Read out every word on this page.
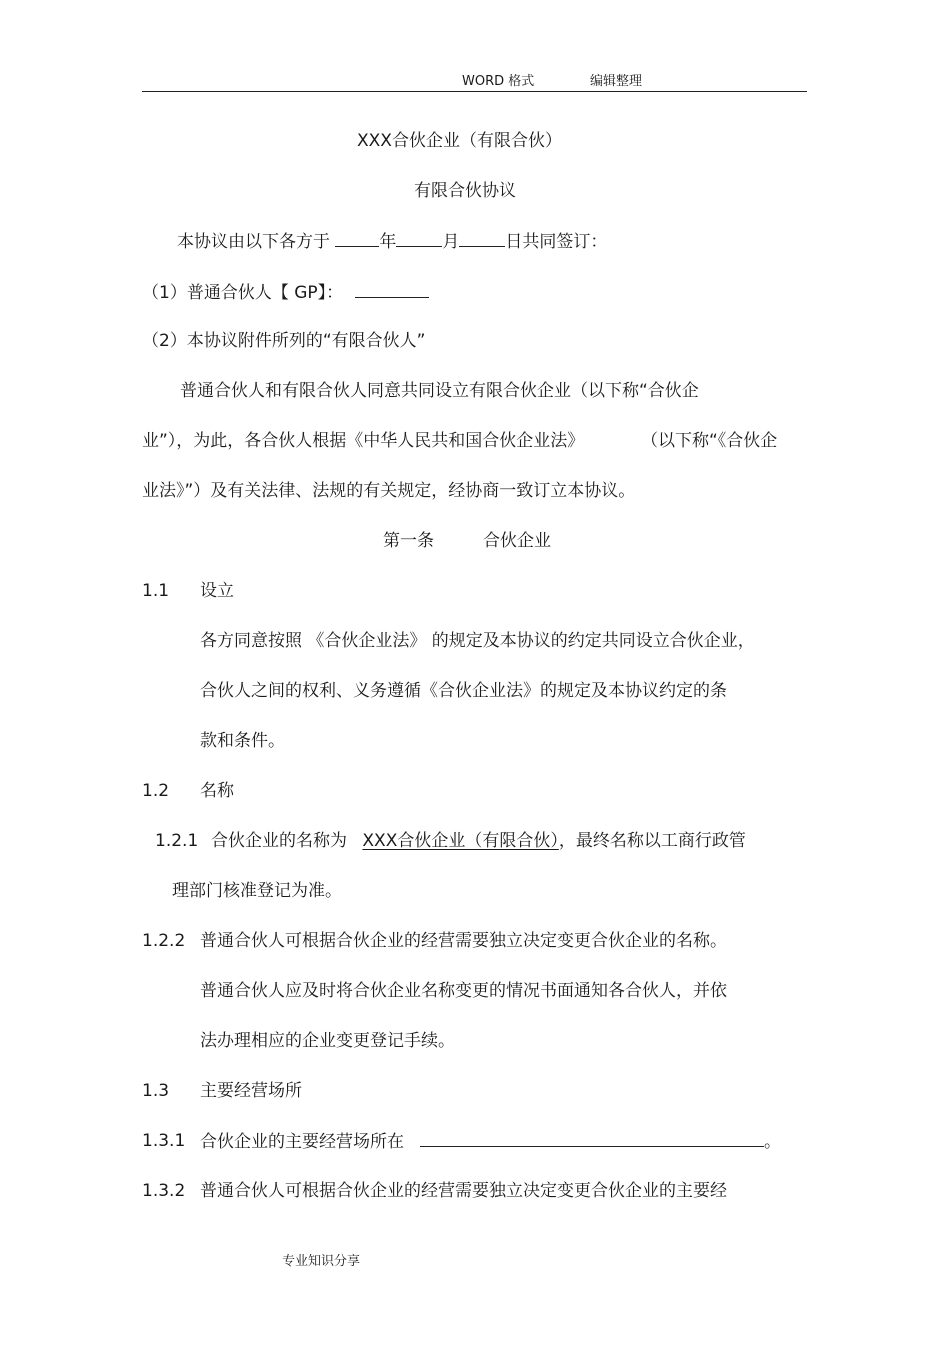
WORD 格式	编辑整理
XXX合伙企业（有限合伙）
有限合伙协议
本协议由以下各方于	年	月	日共同签订：
（1）普通合伙人【 GP】：
（2）本协议附件所列的“有限合伙人”
普通合伙人和有限合伙人同意共同设立有限合伙企业（以下称“合伙企
业”），为此，各合伙人根据《中华人民共和国合伙企业法》	（以下称“《合伙企
业法》”）及有关法律、法规的有关规定，经协商一致订立本协议。
第一条	合伙企业
1.1 设立
各方同意按照 《合伙企业法》 的规定及本协议的约定共同设立合伙企业，
合伙人之间的权利、义务遵循《合伙企业法》的规定及本协议约定的条
款和条件。
1.2 名称
1.2.1 合伙企业的名称为 XXX合伙企业（有限合伙），最终名称以工商行政管
理部门核准登记为准。
1.2.2 普通合伙人可根据合伙企业的经营需要独立决定变更合伙企业的名称。
普通合伙人应及时将合伙企业名称变更的情况书面通知各合伙人，并依
法办理相应的企业变更登记手续。
1.3 主要经营场所
1.3.1 合伙企业的主要经营场所在	。
1.3.2 普通合伙人可根据合伙企业的经营需要独立决定变更合伙企业的主要经
专业知识分享
